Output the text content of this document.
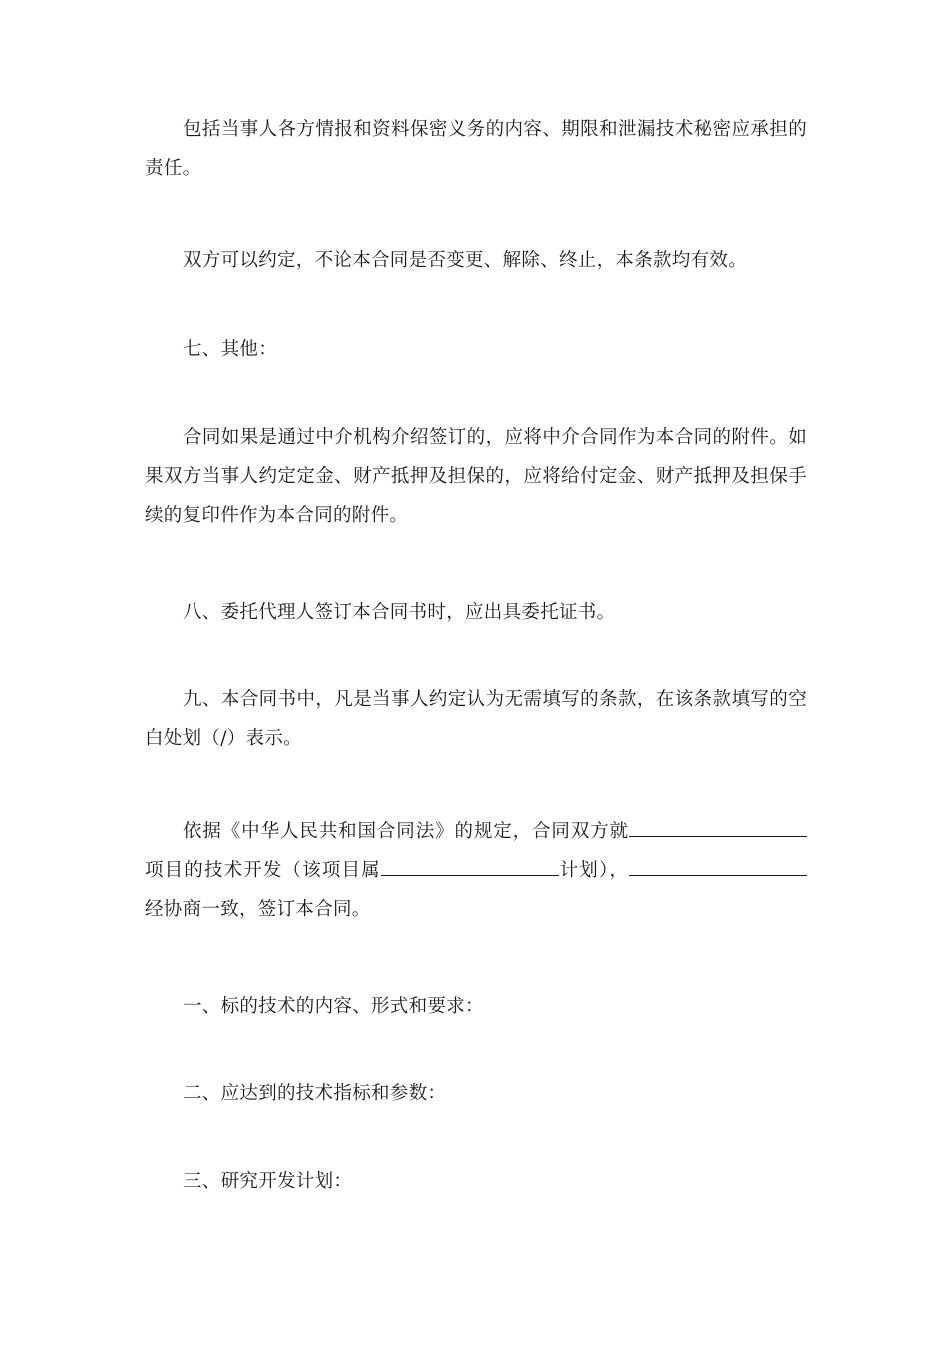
包括当事人各方情报和资料保密义务的内容、期限和泄漏技术秘密应承担的责任。

双方可以约定，不论本合同是否变更、解除、终止，本条款均有效。

七、其他：

合同如果是通过中介机构介绍签订的，应将中介合同作为本合同的附件。如果双方当事人约定定金、财产抵押及担保的，应将给付定金、财产抵押及担保手续的复印件作为本合同的附件。

八、委托代理人签订本合同书时，应出具委托证书。

九、本合同书中，凡是当事人约定认为无需填写的条款，在该条款填写的空白处划（/）表示。

依据《中华人民共和国合同法》的规定，合同双方就项目的技术开发（该项目属	计划），经协商一致，签订本合同。

一、标的技术的内容、形式和要求：

二、应达到的技术指标和参数：

三、研究开发计划：
